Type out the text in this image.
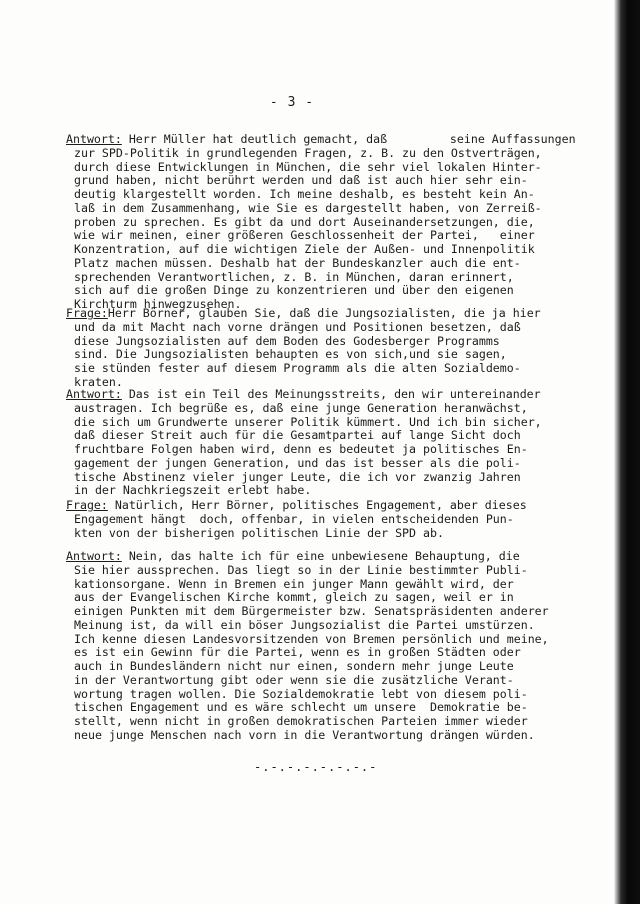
- 3 -
Antwort: Herr Müller hat deutlich gemacht, daß         seine Auffassungen
zur SPD-Politik in grundlegenden Fragen, z. B. zu den Ostverträgen,
durch diese Entwicklungen in München, die sehr viel lokalen Hinter-
grund haben, nicht berührt werden und daß ist auch hier sehr ein-
deutig klargestellt worden. Ich meine deshalb, es besteht kein An-
laß in dem Zusammenhang, wie Sie es dargestellt haben, von Zerreiß-
proben zu sprechen. Es gibt da und dort Auseinandersetzungen, die,
wie wir meinen, einer größeren Geschlossenheit der Partei,   einer
Konzentration, auf die wichtigen Ziele der Außen- und Innenpolitik
Platz machen müssen. Deshalb hat der Bundeskanzler auch die ent-
sprechenden Verantwortlichen, z. B. in München, daran erinnert,
sich auf die großen Dinge zu konzentrieren und über den eigenen
Kirchturm hinwegzusehen.
Frage:Herr Börner, glauben Sie, daß die Jungsozialisten, die ja hier
und da mit Macht nach vorne drängen und Positionen besetzen, daß
diese Jungsozialisten auf dem Boden des Godesberger Programms
sind. Die Jungsozialisten behaupten es von sich,und sie sagen,
sie stünden fester auf diesem Programm als die alten Sozialdemo-
kraten.
Antwort: Das ist ein Teil des Meinungsstreits, den wir untereinander
austragen. Ich begrüße es, daß eine junge Generation heranwächst,
die sich um Grundwerte unserer Politik kümmert. Und ich bin sicher,
daß dieser Streit auch für die Gesamtpartei auf lange Sicht doch
fruchtbare Folgen haben wird, denn es bedeutet ja politisches En-
gagement der jungen Generation, und das ist besser als die poli-
tische Abstinenz vieler junger Leute, die ich vor zwanzig Jahren
in der Nachkriegszeit erlebt habe.
Frage: Natürlich, Herr Börner, politisches Engagement, aber dieses
Engagement hängt  doch, offenbar, in vielen entscheidenden Pun-
kten von der bisherigen politischen Linie der SPD ab.
Antwort: Nein, das halte ich für eine unbewiesene Behauptung, die
Sie hier aussprechen. Das liegt so in der Linie bestimmter Publi-
kationsorgane. Wenn in Bremen ein junger Mann gewählt wird, der
aus der Evangelischen Kirche kommt, gleich zu sagen, weil er in
einigen Punkten mit dem Bürgermeister bzw. Senatspräsidenten anderer
Meinung ist, da will ein böser Jungsozialist die Partei umstürzen.
Ich kenne diesen Landesvorsitzenden von Bremen persönlich und meine,
es ist ein Gewinn für die Partei, wenn es in großen Städten oder
auch in Bundesländern nicht nur einen, sondern mehr junge Leute
in der Verantwortung gibt oder wenn sie die zusätzliche Verant-
wortung tragen wollen. Die Sozialdemokratie lebt von diesem poli-
tischen Engagement und es wäre schlecht um unsere  Demokratie be-
stellt, wenn nicht in großen demokratischen Parteien immer wieder
neue junge Menschen nach vorn in die Verantwortung drängen würden.
-.-.-.-.-.-.-.-
